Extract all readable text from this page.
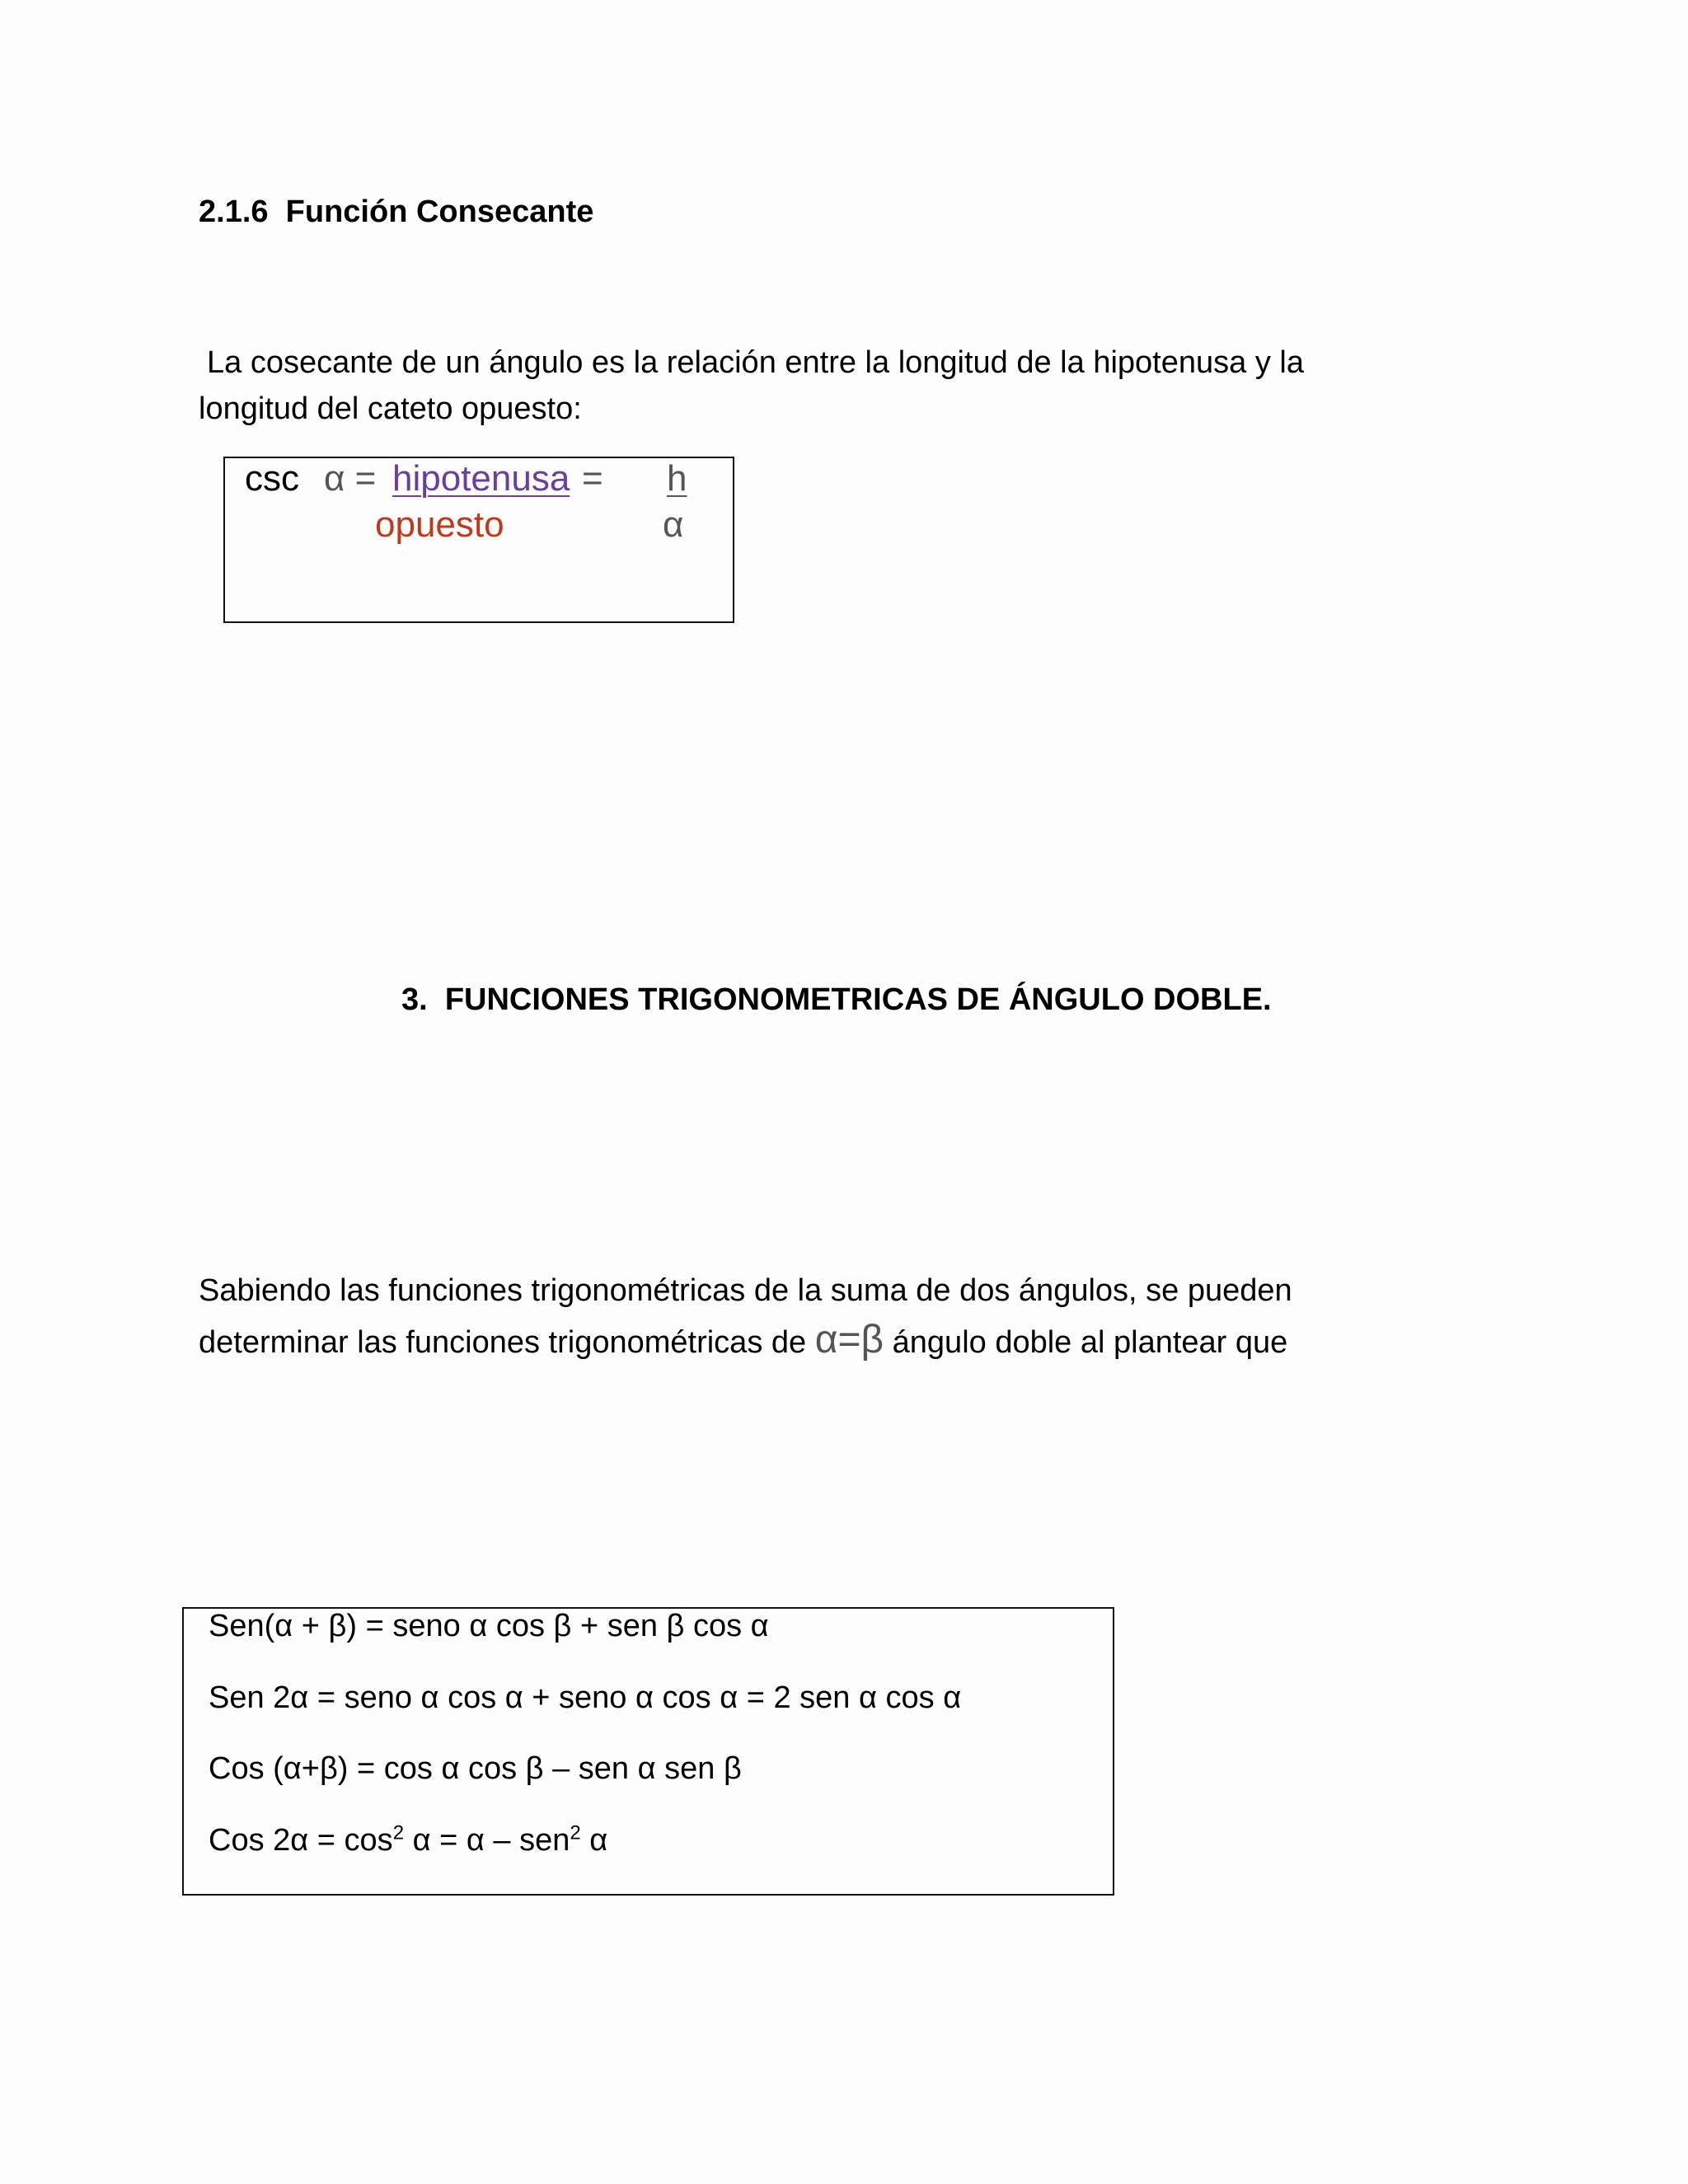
2.1.6 Función Consecante
La cosecante de un ángulo es la relación entre la longitud de la hipotenusa y la
longitud del cateto opuesto:
csc α = hipotenusa = h
opuesto	α
3. FUNCIONES TRIGONOMETRICAS DE ÁNGULO DOBLE.
Sabiendo las funciones trigonométricas de la suma de dos ángulos, se pueden
determinar las funciones trigonométricas de α=β ángulo doble al plantear que
Sen(α + β) = seno α cos β + sen β cos α
Sen 2α = seno α cos α + seno α cos α = 2 sen α cos α
Cos (α+β) = cos α cos β – sen α sen β
Cos $2\alpha = \cos^2 \alpha = \alpha - sen^2$ α
